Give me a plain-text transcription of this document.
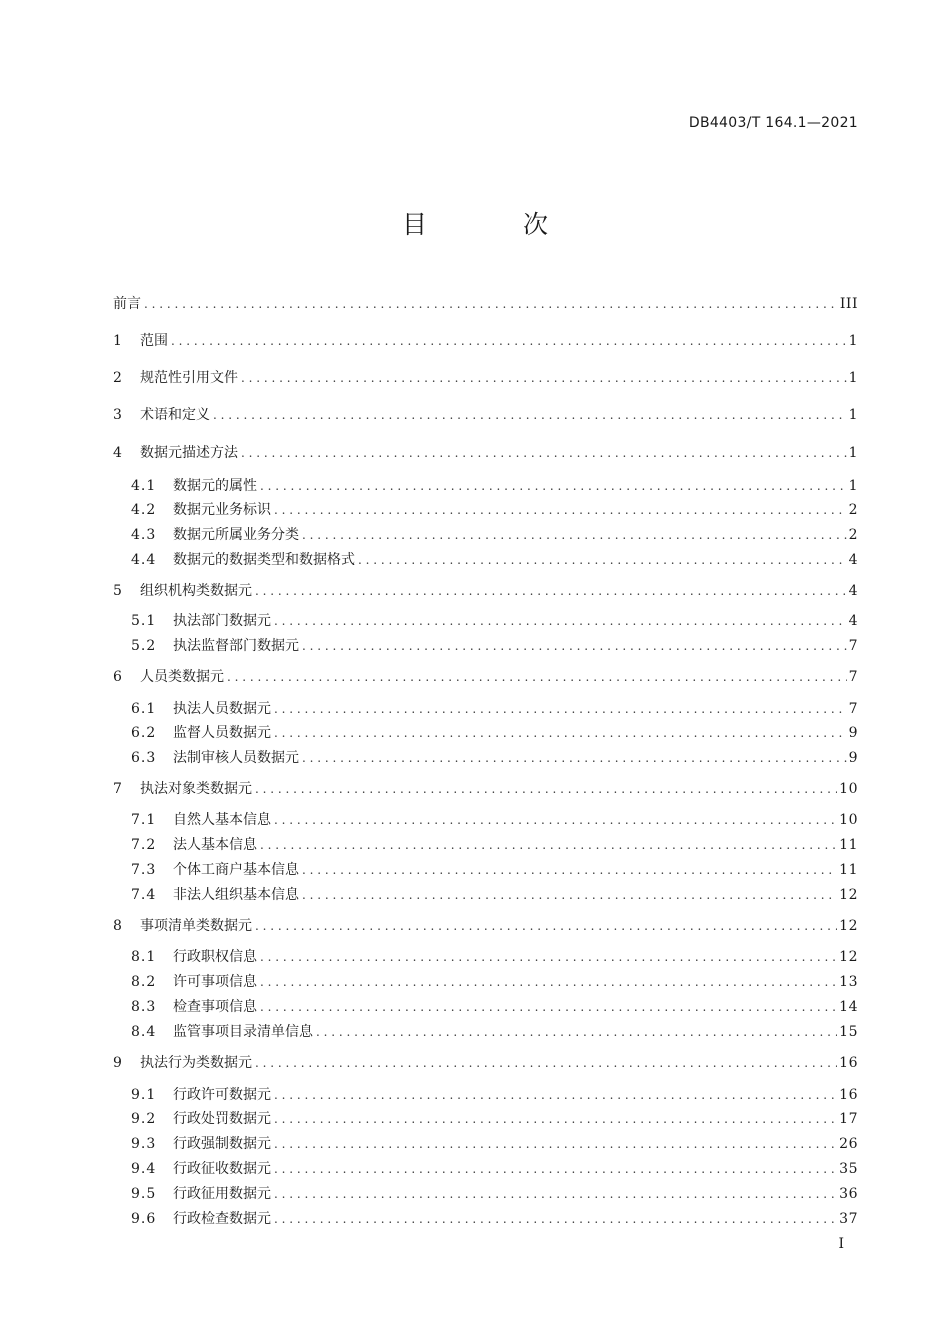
DB4403/T 164.1—2021
目 次
前言 . . .	III
1	范围 . . .	1
2	规范性引用文件 . . .	1
3	术语和定义 . . .	1
4	数据元描述方法 . . .	1
4.1	数据元的属性 . . .	1
4.2	数据元业务标识 . . .	2
4.3	数据元所属业务分类 . . .	2
4.4	数据元的数据类型和数据格式 . . .	4
5	组织机构类数据元 . . .	4
5.1	执法部门数据元 . . .	4
5.2	执法监督部门数据元 . . .	7
6	人员类数据元 . . .	7
6.1	执法人员数据元 . . .	7
6.2	监督人员数据元 . . .	9
6.3	法制审核人员数据元 . . .	9
7	执法对象类数据元 . . .	10
7.1	自然人基本信息 . . .	10
7.2	法人基本信息 . . .	11
7.3	个体工商户基本信息 . . .	11
7.4	非法人组织基本信息 . . .	12
8	事项清单类数据元 . . .	12
8.1	行政职权信息 . . .	12
8.2	许可事项信息 . . .	13
8.3	检查事项信息 . . .	14
8.4	监管事项目录清单信息 . . .	15
9	执法行为类数据元 . . .	16
9.1	行政许可数据元 . . .	16
9.2	行政处罚数据元 . . .	17
9.3	行政强制数据元 . . .	26
9.4	行政征收数据元 . . .	35
9.5	行政征用数据元 . . .	36
9.6	行政检查数据元 . . .	37
I
